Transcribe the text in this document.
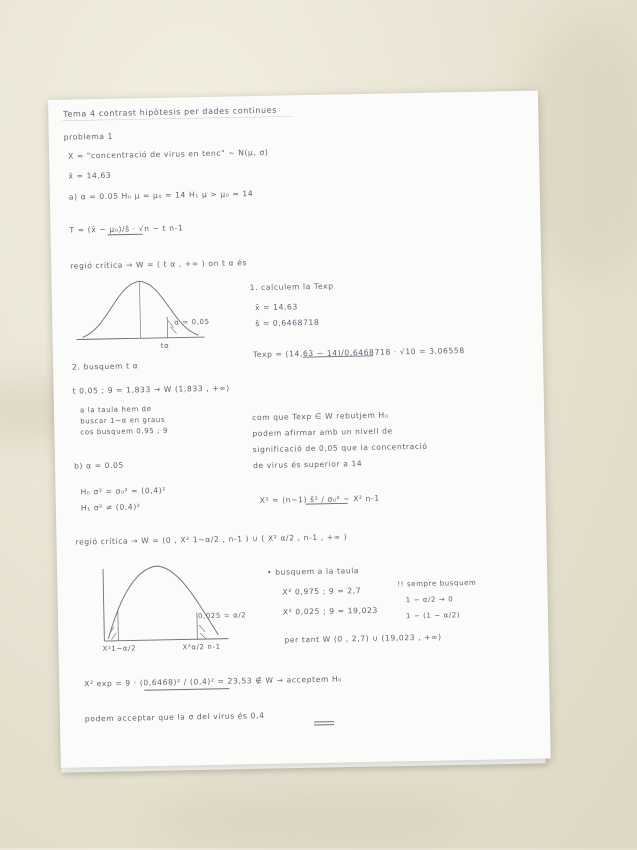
Tema 4 contrast hipòtesis per dades continues
problema 1
X = "concentració de virus en tenc" ~ N(μ, σ)
x̄ = 14,63
a) α = 0.05 H₀ μ = μ₀ = 14 H₁ μ > μ₀ = 14
T = (x̄ − μ₀)/ŝ · √n ~ t n-1
regió crítica → W = ( t α , +∞ ) on t α és
1. calculem la Texp
x̄ = 14,63
ŝ = 0,6468718
2. busquem t α
Texp = (14,63 − 14)/0,6468718 · √10 = 3,06558
t 0,05 ; 9 = 1,833 → W (1,833 , +∞)
a la taula hem de
buscar 1−α en graus
cos busquem 0,95 ; 9
com que Texp ∈ W rebutjem H₀
podem afirmar amb un nivell de
significació de 0,05 que la concentració
de virus és superior a 14
b) α = 0.05
H₀ σ² = σ₀² = (0,4)²
H₁ σ² ≠ (0,4)²
X² = (n−1) ŝ² / σ₀² ~ X² n-1
regió crítica → W = (0 , X² 1−α/2 , n-1 ) ∪ ( X² α/2 , n-1 , +∞ )
• busquem a la taula
!! sempre busquem
X² 0,975 ; 9 = 2,7
1 − α/2 → 0
X² 0,025 ; 9 = 19,023	1 − (1 − α/2)
per tant W (0 , 2,7) ∪ (19,023 , +∞)
X² exp = 9 · (0,6468)² / (0,4)² = 23,53 ∉ W → acceptem H₀
podem acceptar que la σ del virus és 0,4
α = 0,05
tα
0,025 = α/2
X²1−α/2	X²α/2 n-1
